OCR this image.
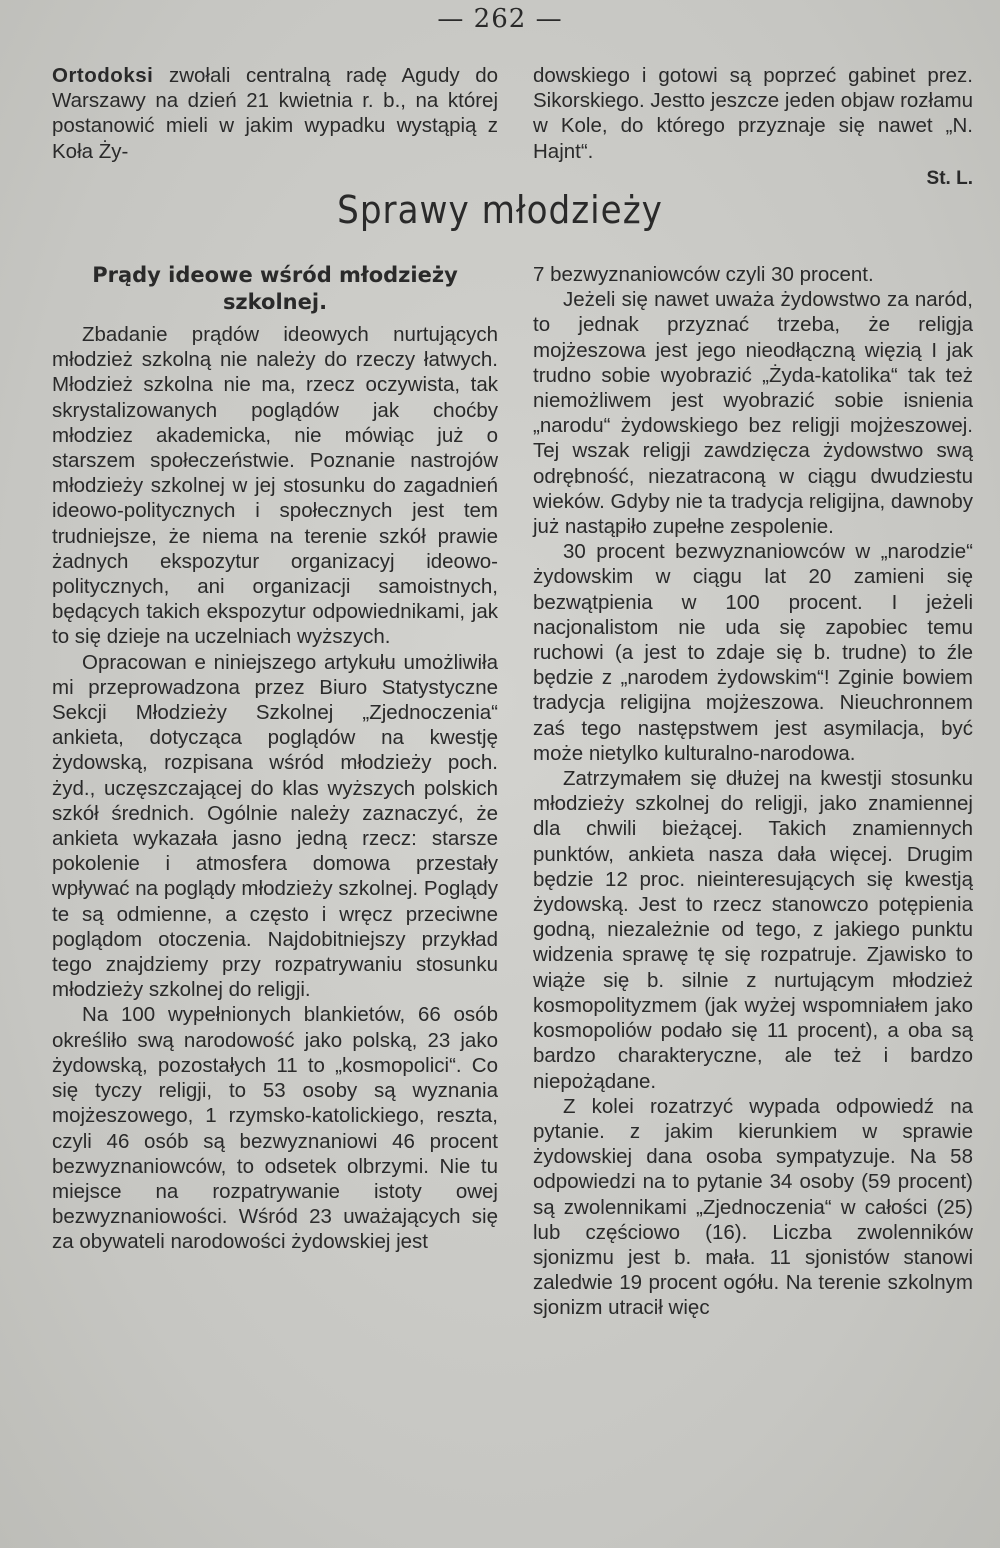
— 262 —

Ortodoksi zwołali centralną radę Agudy do Warszawy na dzień 21 kwietnia r. b., na której postanowić mieli w jakim wypadku wystąpią z Koła Ży-

dowskiego i gotowi są poprzeć gabinet prez. Sikorskiego. Jestto jeszcze jeden objaw rozłamu w Kole, do którego przyznaje się nawet „N. Hajnt“.

St. L.
Sprawy młodzieży
Prądy ideowe wśród młodzieży szkolnej.

Zbadanie prądów ideowych nurtujących młodzież szkolną nie należy do rzeczy łatwych. Młodzież szkolna nie ma, rzecz oczywista, tak skrystalizowanych poglądów jak choćby młodziez akademicka, nie mówiąc już o starszem społeczeństwie. Poznanie nastrojów młodzieży szkolnej w jej stosunku do zagadnień ideowo-politycznych i społecznych jest tem trudniejsze, że niema na terenie szkół prawie żadnych ekspozytur organizacyj ideowo-politycznych, ani organizacji samoistnych, będących takich ekspozytur odpowiednikami, jak to się dzieje na uczelniach wyższych.

Opracowan e niniejszego artykułu umożliwiła mi przeprowadzona przez Biuro Statystyczne Sekcji Młodzieży Szkolnej „Zjednoczenia“ ankieta, dotycząca poglądów na kwestję żydowską, rozpisana wśród młodzieży poch. żyd., uczęszczającej do klas wyższych polskich szkół średnich. Ogólnie należy zaznaczyć, że ankieta wykazała jasno jedną rzecz: starsze pokolenie i atmosfera domowa przestały wpływać na poglądy młodzieży szkolnej. Poglądy te są odmienne, a często i wręcz przeciwne poglądom otoczenia. Najdobitniejszy przykład tego znajdziemy przy rozpatrywaniu stosunku młodzieży szkolnej do religji.

Na 100 wypełnionych blankietów, 66 osób określiło swą narodowość jako polską, 23 jako żydowską, pozostałych 11 to „kosmopolici“. Co się tyczy religji, to 53 osoby są wyznania mojżeszowego, 1 rzymsko-katolickiego, reszta, czyli 46 osób są bezwyznaniowi 46 procent bezwyznaniowców, to odsetek olbrzymi. Nie tu miejsce na rozpatrywanie istoty owej bezwyznaniowości. Wśród 23 uważających się za obywateli narodowości żydowskiej jest

7 bezwyznaniowców czyli 30 procent.

Jeżeli się nawet uważa żydowstwo za naród, to jednak przyznać trzeba, że religja mojżeszowa jest jego nieodłączną więzią I jak trudno sobie wyobrazić „Żyda-katolika“ tak też niemożliwem jest wyobrazić sobie isnienia „narodu“ żydowskiego bez religji mojżeszowej. Tej wszak religji zawdzięcza żydowstwo swą odrębność, niezatraconą w ciągu dwudziestu wieków. Gdyby nie ta tradycja religijna, dawnoby już nastąpiło zupełne zespolenie.

30 procent bezwyznaniowców w „narodzie“ żydowskim w ciągu lat 20 zamieni się bezwątpienia w 100 procent. I jeżeli nacjonalistom nie uda się zapobiec temu ruchowi (a jest to zdaje się b. trudne) to źle będzie z „narodem żydowskim“! Zginie bowiem tradycja religijna mojżeszowa. Nieuchronnem zaś tego następstwem jest asymilacja, być może nietylko kulturalno-narodowa.

Zatrzymałem się dłużej na kwestji stosunku młodzieży szkolnej do religji, jako znamiennej dla chwili bieżącej. Takich znamiennych punktów, ankieta nasza dała więcej. Drugim będzie 12 proc. nieinteresujących się kwestją żydowską. Jest to rzecz stanowczo potępienia godną, niezależnie od tego, z jakiego punktu widzenia sprawę tę się rozpatruje. Zjawisko to wiąże się b. silnie z nurtującym młodzież kosmopolityzmem (jak wyżej wspomniałem jako kosmopoliów podało się 11 procent), a oba są bardzo charakteryczne, ale też i bardzo niepożądane.

Z kolei rozatrzyć wypada odpowiedź na pytanie. z jakim kierunkiem w sprawie żydowskiej dana osoba sympatyzuje. Na 58 odpowiedzi na to pytanie 34 osoby (59 procent) są zwolennikami „Zjednoczenia“ w całości (25) lub częściowo (16). Liczba zwolenników sjonizmu jest b. mała. 11 sjonistów stanowi zaledwie 19 procent ogółu. Na terenie szkolnym sjonizm utracił więc
